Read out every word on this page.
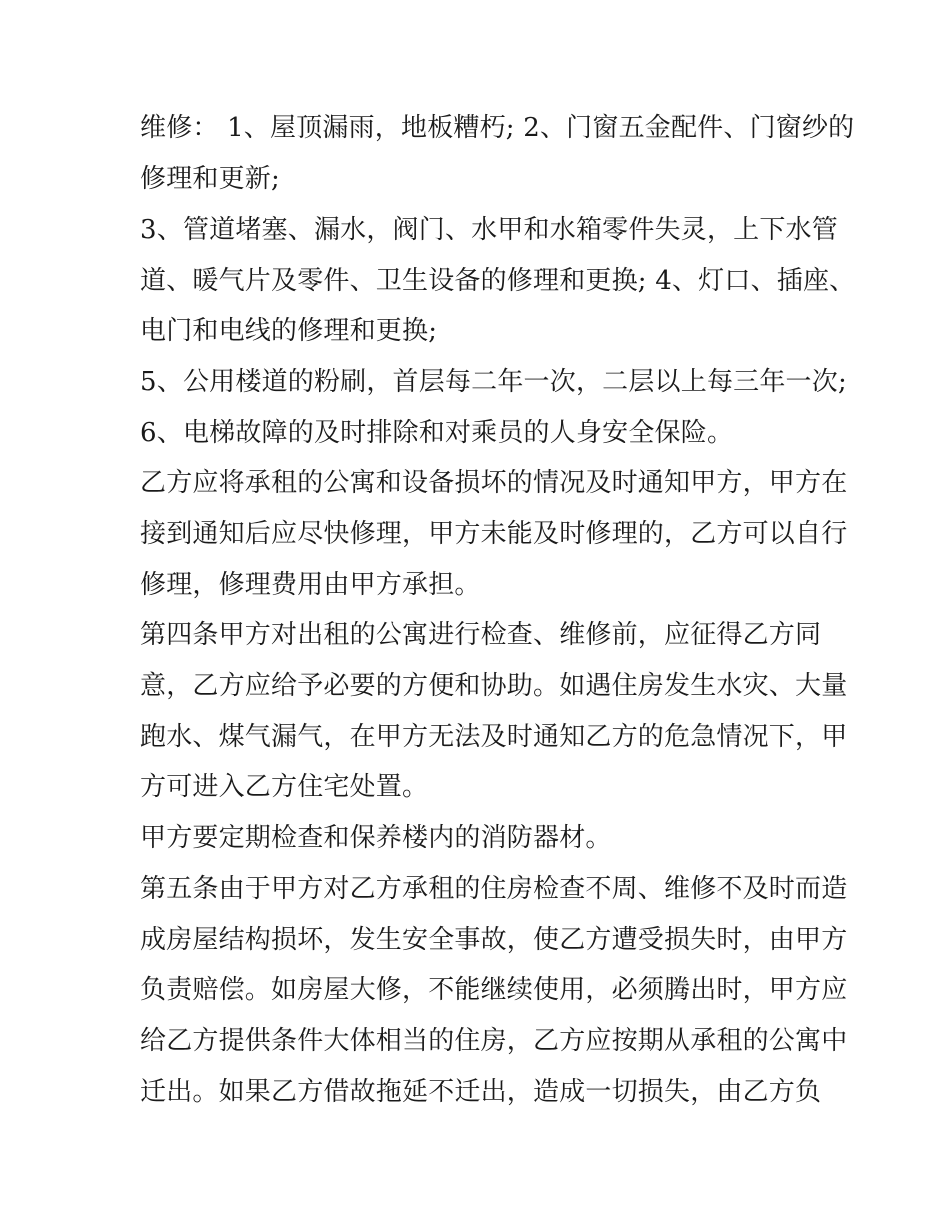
维修： 1、屋顶漏雨，地板糟朽; 2、门窗五金配件、门窗纱的
修理和更新;
3、管道堵塞、漏水，阀门、水甲和水箱零件失灵，上下水管
道、暖气片及零件、卫生设备的修理和更换; 4、灯口、插座、
电门和电线的修理和更换;
5、公用楼道的粉刷，首层每二年一次，二层以上每三年一次;
6、电梯故障的及时排除和对乘员的人身安全保险。
乙方应将承租的公寓和设备损坏的情况及时通知甲方，甲方在
接到通知后应尽快修理，甲方未能及时修理的，乙方可以自行
修理，修理费用由甲方承担。
第四条甲方对出租的公寓进行检查、维修前，应征得乙方同
意，乙方应给予必要的方便和协助。如遇住房发生水灾、大量
跑水、煤气漏气，在甲方无法及时通知乙方的危急情况下，甲
方可进入乙方住宅处置。
甲方要定期检查和保养楼内的消防器材。
第五条由于甲方对乙方承租的住房检查不周、维修不及时而造
成房屋结构损坏，发生安全事故，使乙方遭受损失时，由甲方
负责赔偿。如房屋大修，不能继续使用，必须腾出时，甲方应
给乙方提供条件大体相当的住房，乙方应按期从承租的公寓中
迁出。如果乙方借故拖延不迁出，造成一切损失，由乙方负
